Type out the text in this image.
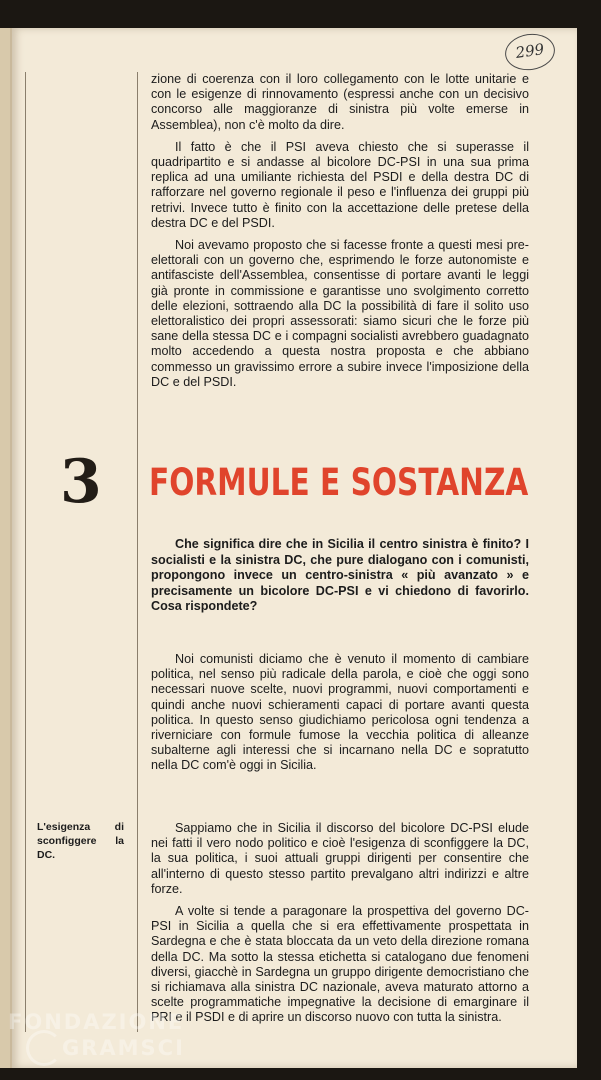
299

zione di coerenza con il loro collegamento con le lotte unitarie e con le esigenze di rinnovamento (espressi anche con un decisivo concorso alle maggioranze di sinistra più volte emerse in Assemblea), non c'è molto da dire.

Il fatto è che il PSI aveva chiesto che si superasse il quadripartito e si andasse al bicolore DC-PSI in una sua prima replica ad una umiliante richiesta del PSDI e della destra DC di rafforzare nel governo regionale il peso e l'influenza dei gruppi più retrivi. Invece tutto è finito con la accettazione delle pretese della destra DC e del PSDI.

Noi avevamo proposto che si facesse fronte a questi mesi pre-elettorali con un governo che, esprimendo le forze autonomiste e antifasciste dell'Assemblea, consentisse di portare avanti le leggi già pronte in commissione e garantisse uno svolgimento corretto delle elezioni, sottraendo alla DC la possibilità di fare il solito uso elettoralistico dei propri assessorati: siamo sicuri che le forze più sane della stessa DC e i compagni socialisti avrebbero guadagnato molto accedendo a questa nostra proposta e che abbiano commesso un gravissimo errore a subire invece l'imposizione della DC e del PSDI.

3 FORMULE E SOSTANZA

Che significa dire che in Sicilia il centro sinistra è finito? I socialisti e la sinistra DC, che pure dialogano con i comunisti, propongono invece un centro-sinistra « più avanzato » e precisamente un bicolore DC-PSI e vi chiedono di favorirlo. Cosa rispondete?

Noi comunisti diciamo che è venuto il momento di cambiare politica, nel senso più radicale della parola, e cioè che oggi sono necessari nuove scelte, nuovi programmi, nuovi comportamenti e quindi anche nuovi schieramenti capaci di portare avanti questa politica. In questo senso giudichiamo pericolosa ogni tendenza a riverniciare con formule fumose la vecchia politica di alleanze subalterne agli interessi che si incarnano nella DC e sopratutto nella DC com'è oggi in Sicilia.

L'esigenza di sconfiggere la DC.

Sappiamo che in Sicilia il discorso del bicolore DC-PSI elude nei fatti il vero nodo politico e cioè l'esigenza di sconfiggere la DC, la sua politica, i suoi attuali gruppi dirigenti per consentire che all'interno di questo stesso partito prevalgano altri indirizzi e altre forze.

A volte si tende a paragonare la prospettiva del governo DC-PSI in Sicilia a quella che si era effettivamente prospettata in Sardegna e che è stata bloccata da un veto della direzione romana della DC. Ma sotto la stessa etichetta si catalogano due fenomeni diversi, giacchè in Sardegna un gruppo dirigente democristiano che si richiamava alla sinistra DC nazionale, aveva maturato attorno a scelte programmatiche impegnative la decisione di emarginare il PRI e il PSDI e di aprire un discorso nuovo con tutta la sinistra.

FONDAZIONE
GRAMSCI
